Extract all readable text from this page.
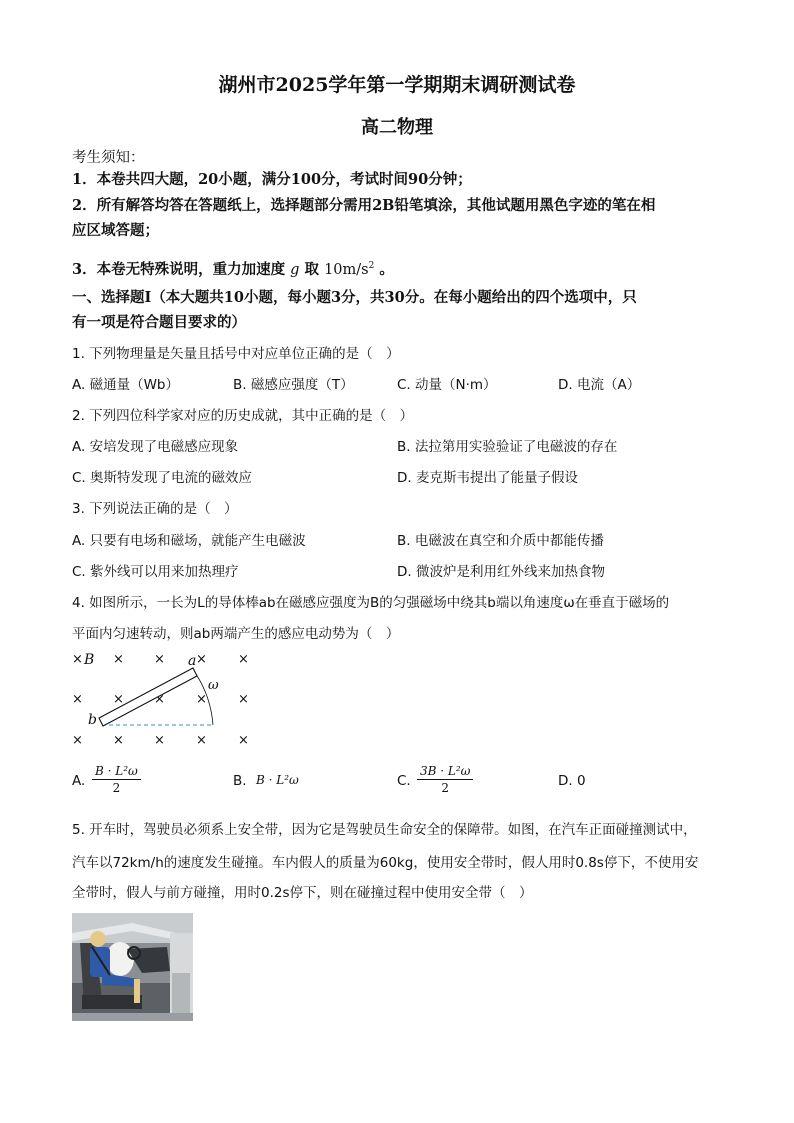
湖州市2025学年第一学期期末调研测试卷
高二物理
考生须知：
1．本卷共四大题，20小题，满分100分，考试时间90分钟；
2．所有解答均答在答题纸上，选择题部分需用2B铅笔填涂，其他试题用黑色字迹的笔在相
应区域答题；
3．本卷无特殊说明，重力加速度 g 取 $10m/s^2$ 。
一、选择题Ⅰ（本大题共10小题，每小题3分，共30分。在每小题给出的四个选项中，只
有一项是符合题目要求的）
1. 下列物理量是矢量且括号中对应单位正确的是（　）
A. 磁通量（Wb）	B. 磁感应强度（T）	C. 动量（N·m）	D. 电流（A）
2. 下列四位科学家对应的历史成就，其中正确的是（　）
A. 安培发现了电磁感应现象	B. 法拉第用实验验证了电磁波的存在
C. 奥斯特发现了电流的磁效应	D. 麦克斯韦提出了能量子假设
3. 下列说法正确的是（　）
A. 只要有电场和磁场，就能产生电磁波	B. 电磁波在真空和介质中都能传播
C. 紫外线可以用来加热理疗	D. 微波炉是利用红外线来加热食物
4. 如图所示，一长为L的导体棒ab在磁感应强度为B的匀强磁场中绕其b端以角速度ω在垂直于磁场的
平面内匀速转动，则ab两端产生的感应电动势为（　）
× × × × ×
× × × × ×
× × × × ×
B	a
b
ω
A. $\frac{\text{B · L²ω}}{2}$	B. B · L²ω	C. $\frac{\text{3B · L²ω}}{2}$	D. 0
5. 开车时，驾驶员必须系上安全带，因为它是驾驶员生命安全的保障带。如图，在汽车正面碰撞测试中，
汽车以72km/h的速度发生碰撞。车内假人的质量为60kg，使用安全带时，假人用时0.8s停下，不使用安
全带时，假人与前方碰撞，用时0.2s停下，则在碰撞过程中使用安全带（　）
